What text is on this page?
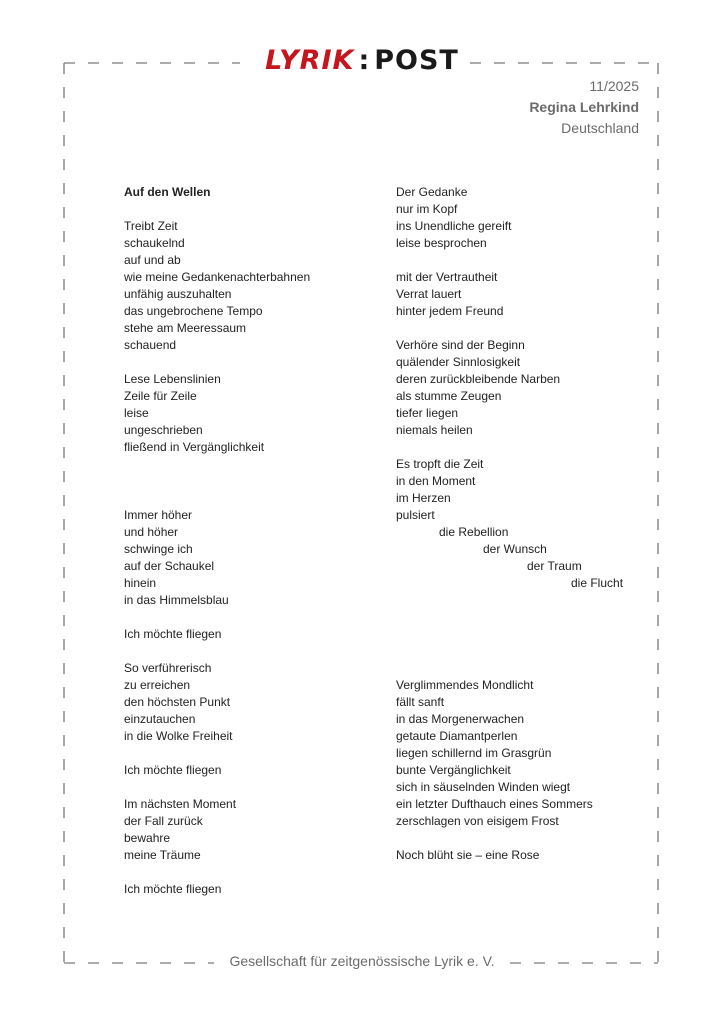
LYRIK : POST
11/2025
Regina Lehrkind
Deutschland
Auf den Wellen
Treibt Zeit
schaukelnd
auf und ab
wie meine Gedankenachterbahnen
unfähig auszuhalten
das ungebrochene Tempo
stehe am Meeressaum
schauend
Lese Lebenslinien
Zeile für Zeile
leise
ungeschrieben
fließend in Vergänglichkeit
Immer höher
und höher
schwinge ich
auf der Schaukel
hinein
in das Himmelsblau
Ich möchte fliegen
So verführerisch
zu erreichen
den höchsten Punkt
einzutauchen
in die Wolke Freiheit
Ich möchte fliegen
Im nächsten Moment
der Fall zurück
bewahre
meine Träume
Ich möchte fliegen
Der Gedanke
nur im Kopf
ins Unendliche gereift
leise besprochen
mit der Vertrautheit
Verrat lauert
hinter jedem Freund
Verhöre sind der Beginn
quälender Sinnlosigkeit
deren zurückbleibende Narben
als stumme Zeugen
tiefer liegen
niemals heilen
Es tropft die Zeit
in den Moment
im Herzen
pulsiert
die Rebellion
der Wunsch
der Traum
die Flucht
Verglimmendes Mondlicht
fällt sanft
in das Morgenerwachen
getaute Diamantperlen
liegen schillernd im Grasgrün
bunte Vergänglichkeit
sich in säuselnden Winden wiegt
ein letzter Dufthauch eines Sommers
zerschlagen von eisigem Frost
Noch blüht sie – eine Rose
Gesellschaft für zeitgenössische Lyrik e. V.
